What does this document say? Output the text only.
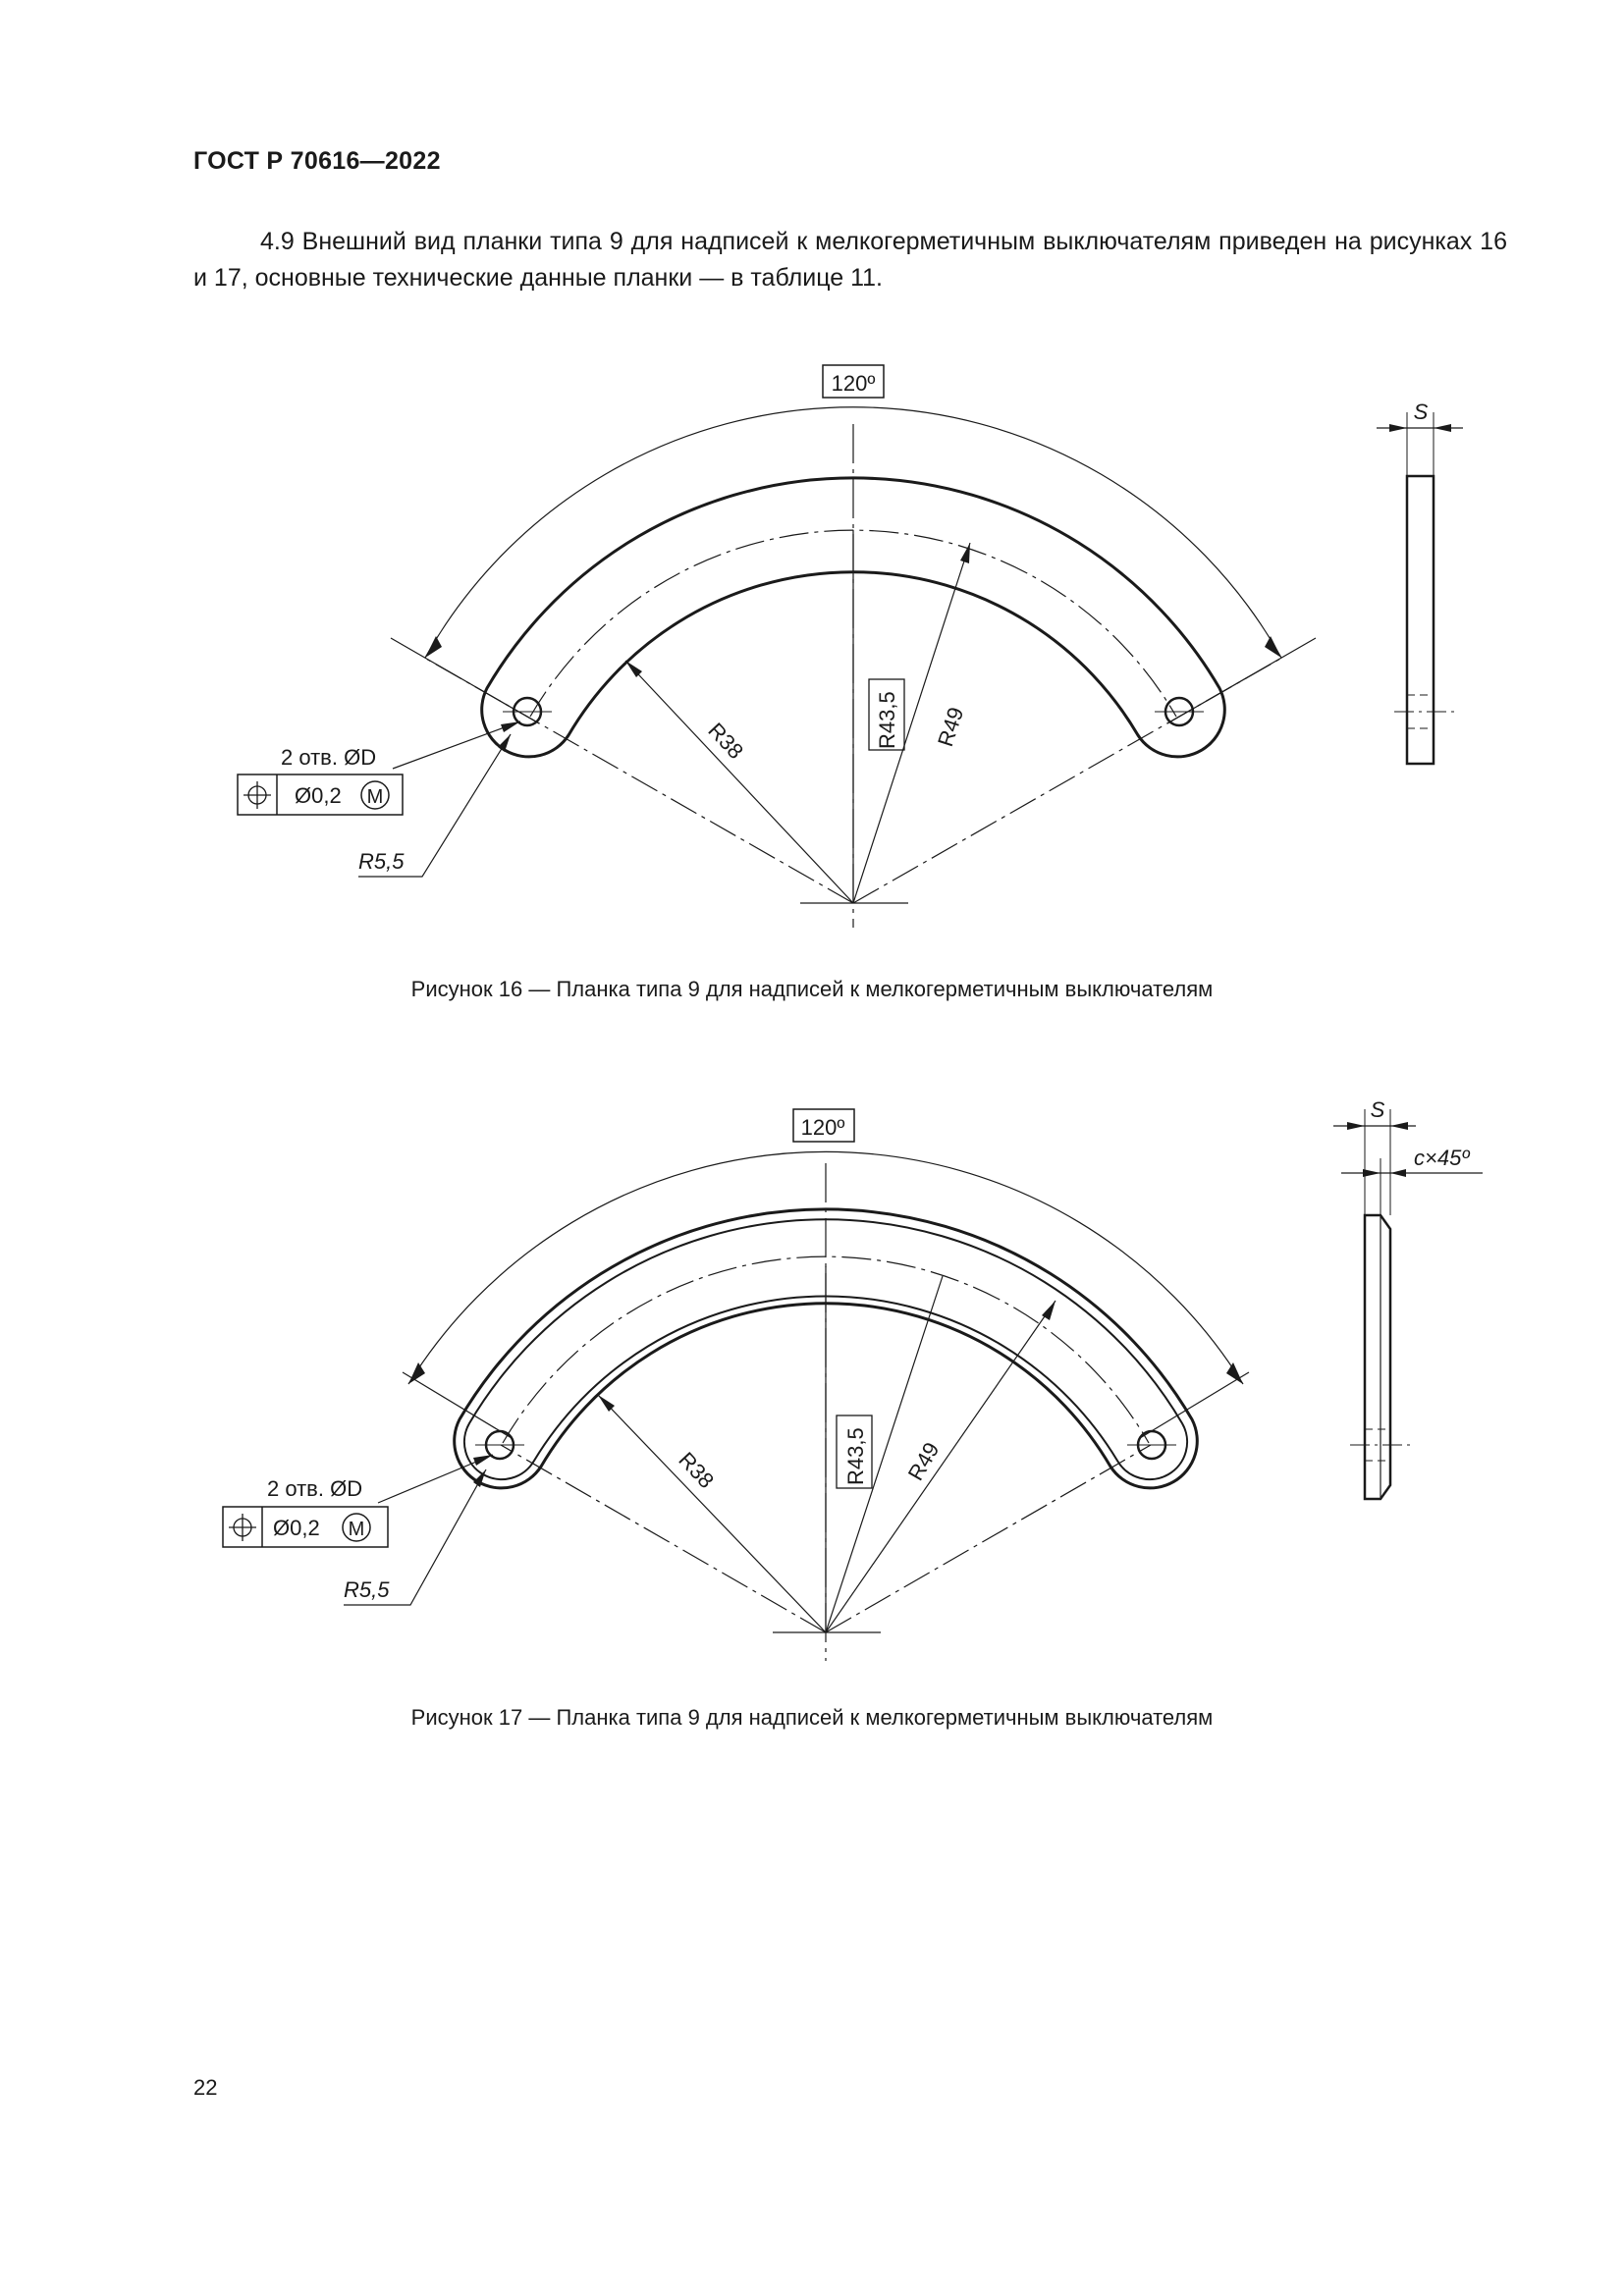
ГОСТ Р 70616—2022
4.9 Внешний вид планки типа 9 для надписей к мелкогерметичным выключателям приведен на рисунках 16 и 17, основные технические данные планки — в таблице 11.
120º
R38	R43,5 R49
R5,5
2 отв. ØD
Ø0,2 M
S
Рисунок 16 — Планка типа 9 для надписей к мелкогерметичным выключателям
120º
R38	R43,5 R49
R5,5
2 отв. ØD
Ø0,2 M
S
c×45º
Рисунок 17 — Планка типа 9 для надписей к мелкогерметичным выключателям
22
